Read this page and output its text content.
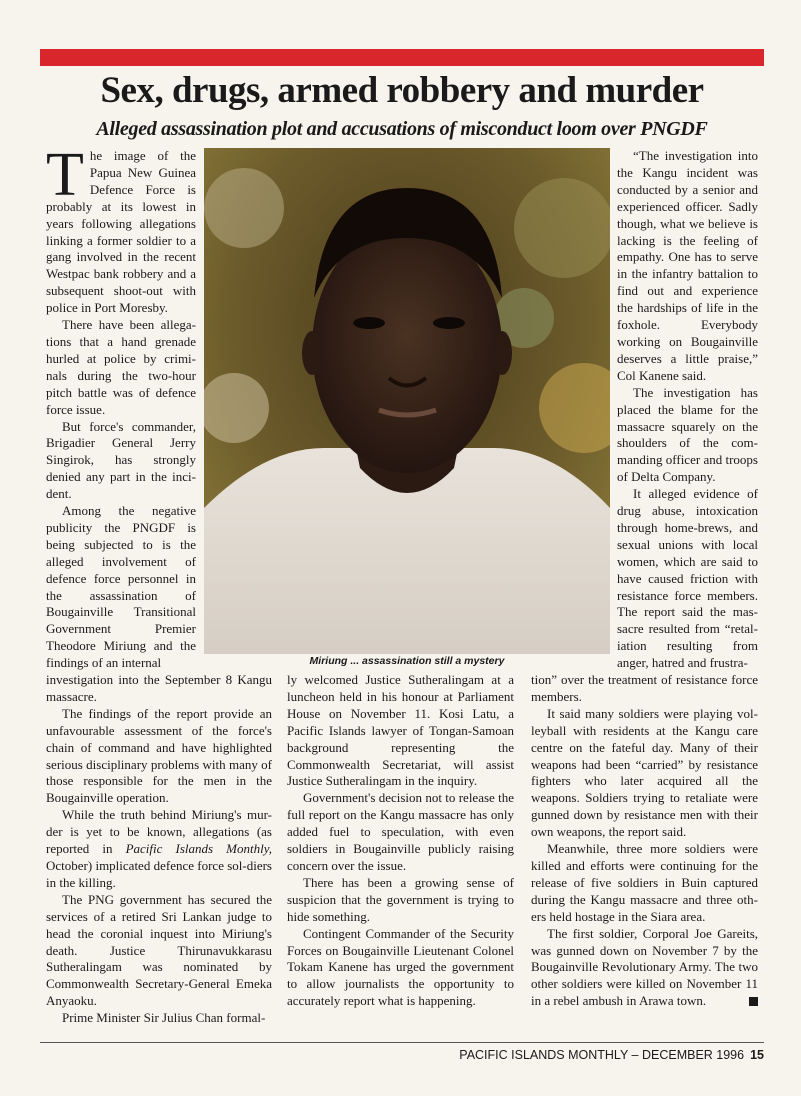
Sex, drugs, armed robbery and murder
Alleged assassination plot and accusations of misconduct loom over PNGDF

The image of the Papua New Guinea Defence Force is probably at its lowest in years following allegations linking a former soldier to a gang involved in the recent Westpac bank robbery and a subsequent shoot-out with police in Port Moresby.

There have been allega-tions that a hand grenade hurled at police by crimi-nals during the two-hour pitch battle was of defence force issue.

But force's commander, Brigadier General Jerry Singirok, has strongly denied any part in the inci-dent.

Among the negative publicity the PNGDF is being subjected to is the alleged involvement of defence force personnel in the assassination of Bougainville Transitional Government Premier Theodore Miriung and the findings of an internal	Miriung ... assassination still a mystery

investigation into the September 8 Kangu massacre.

The findings of the report provide an unfavourable assessment of the force's chain of command and have highlighted serious disciplinary problems with many of those responsible for the men in the Bougainville operation.

While the truth behind Miriung's mur-der is yet to be known, allegations (as reported in Pacific Islands Monthly, October) implicated defence force sol-diers in the killing.

The PNG government has secured the services of a retired Sri Lankan judge to head the coronial inquest into Miriung's death. Justice Thirunavukkarasu Sutheralingam was nominated by Commonwealth Secretary-General Emeka Anyaoku.

Prime Minister Sir Julius Chan formal-

ly welcomed Justice Sutheralingam at a luncheon held in his honour at Parliament House on November 11. Kosi Latu, a Pacific Islands lawyer of Tongan-Samoan background representing the Commonwealth Secretariat, will assist Justice Sutheralingam in the inquiry.

Government's decision not to release the full report on the Kangu massacre has only added fuel to speculation, with even soldiers in Bougainville publicly raising concern over the issue.

There has been a growing sense of suspicion that the government is trying to hide something.

Contingent Commander of the Security Forces on Bougainville Lieutenant Colonel Tokam Kanene has urged the government to allow journalists the opportunity to accurately report what is happening.

“The investigation into the Kangu incident was conducted by a senior and experienced officer. Sadly though, what we believe is lacking is the feeling of empathy. One has to serve in the infantry battalion to find out and experience the hardships of life in the foxhole. Everybody working on Bougainville deserves a little praise,” Col Kanene said.

The investigation has placed the blame for the massacre squarely on the shoulders of the com-manding officer and troops of Delta Company.

It alleged evidence of drug abuse, intoxication through home-brews, and sexual unions with local women, which are said to have caused friction with resistance force members. The report said the mas-sacre resulted from “retal-iation resulting from anger, hatred and frustra-

tion” over the treatment of resistance force members.

It said many soldiers were playing vol-leyball with residents at the Kangu care centre on the fateful day. Many of their weapons had been “carried” by resistance fighters who later acquired all the weapons. Soldiers trying to retaliate were gunned down by resistance men with their own weapons, the report said.

Meanwhile, three more soldiers were killed and efforts were continuing for the release of five soldiers in Buin captured during the Kangu massacre and three oth-ers held hostage in the Siara area.

The first soldier, Corporal Joe Gareits, was gunned down on November 7 by the Bougainville Revolutionary Army. The two other soldiers were killed on November 11 in a rebel ambush in Arawa town.

PACIFIC ISLANDS MONTHLY – DECEMBER 1996 15
